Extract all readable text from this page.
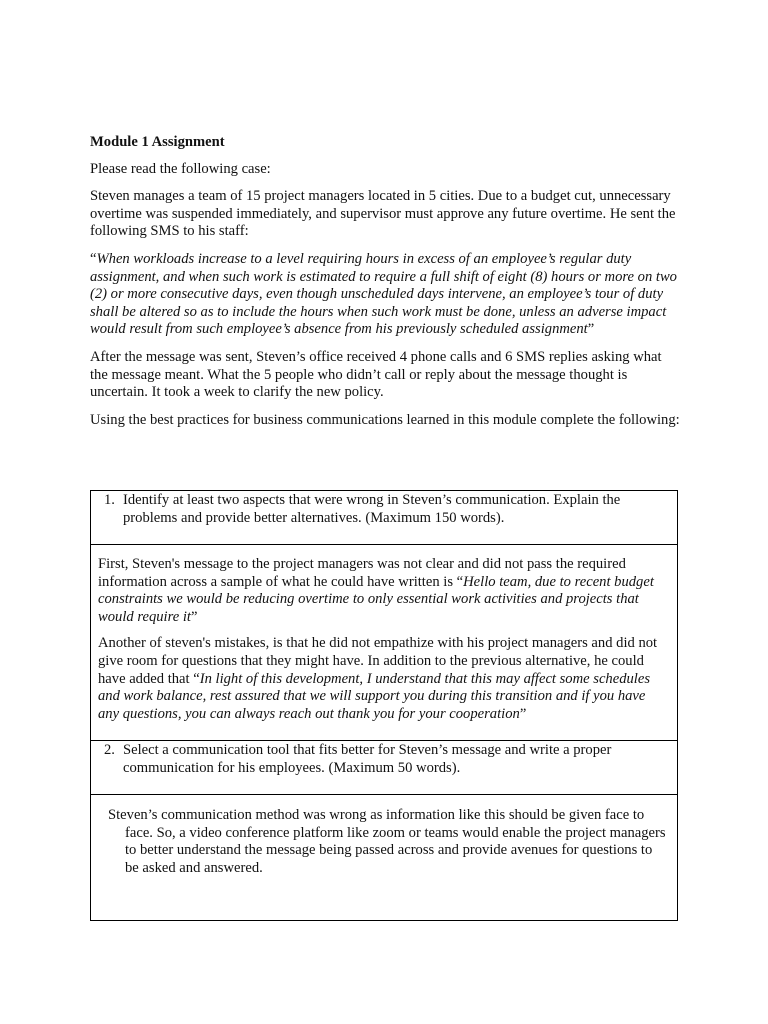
Module 1 Assignment

Please read the following case:

Steven manages a team of 15 project managers located in 5 cities. Due to a budget cut, unnecessary overtime was suspended immediately, and supervisor must approve any future overtime. He sent the following SMS to his staff:

“When workloads increase to a level requiring hours in excess of an employee’s regular duty assignment, and when such work is estimated to require a full shift of eight (8) hours or more on two (2) or more consecutive days, even though unscheduled days intervene, an employee’s tour of duty shall be altered so as to include the hours when such work must be done, unless an adverse impact would result from such employee’s absence from his previously scheduled assignment”

After the message was sent, Steven’s office received 4 phone calls and 6 SMS replies asking what the message meant. What the 5 people who didn’t call or reply about the message thought is uncertain. It took a week to clarify the new policy.

Using the best practices for business communications learned in this module complete the following:

1. Identify at least two aspects that were wrong in Steven’s communication. Explain the problems and provide better alternatives. (Maximum 150 words).

First, Steven's message to the project managers was not clear and did not pass the required information across a sample of what he could have written is “Hello team, due to recent budget constraints we would be reducing overtime to only essential work activities and projects that would require it”

Another of steven's mistakes, is that he did not empathize with his project managers and did not give room for questions that they might have. In addition to the previous alternative, he could have added that “In light of this development, I understand that this may affect some schedules and work balance, rest assured that we will support you during this transition and if you have any questions, you can always reach out thank you for your cooperation”

2. Select a communication tool that fits better for Steven’s message and write a proper communication for his employees. (Maximum 50 words).

Steven’s communication method was wrong as information like this should be given face to face. So, a video conference platform like zoom or teams would enable the project managers to better understand the message being passed across and provide avenues for questions to be asked and answered.
